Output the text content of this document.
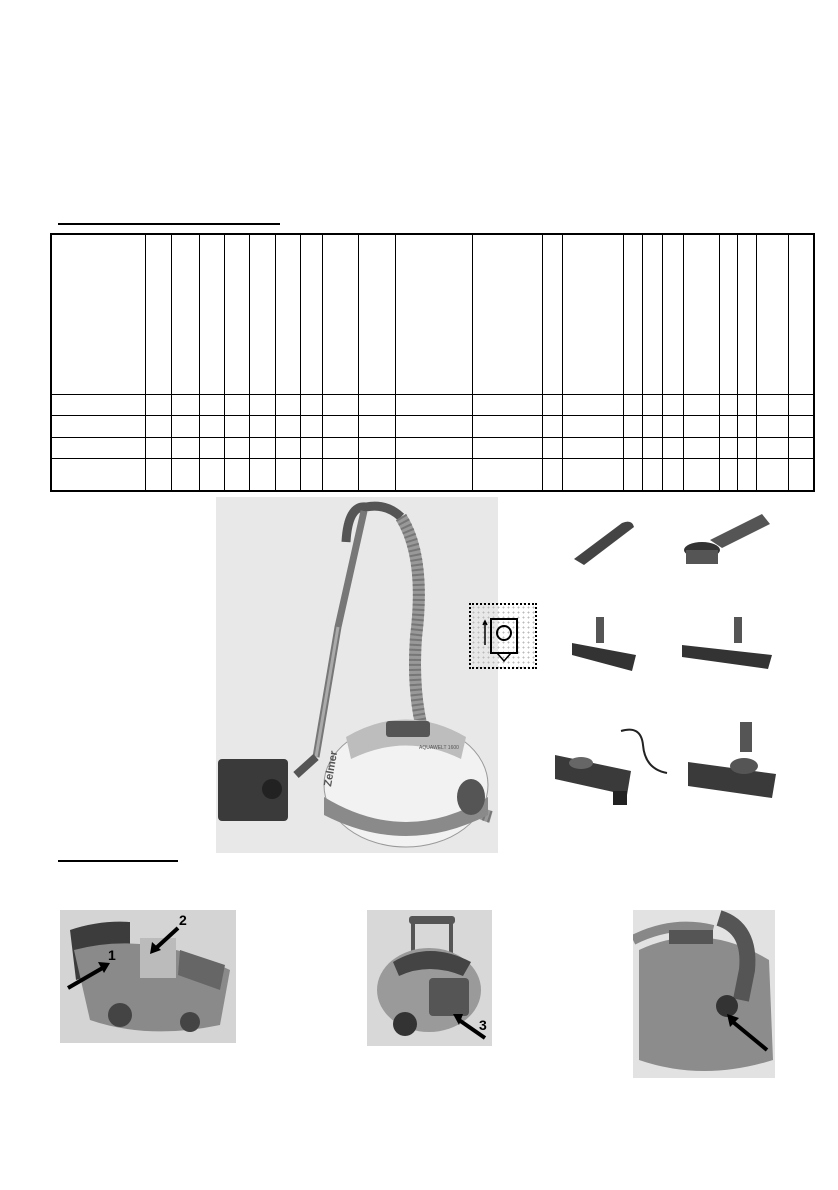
Zelmer
AQUAWELT 1600
1
2
3
